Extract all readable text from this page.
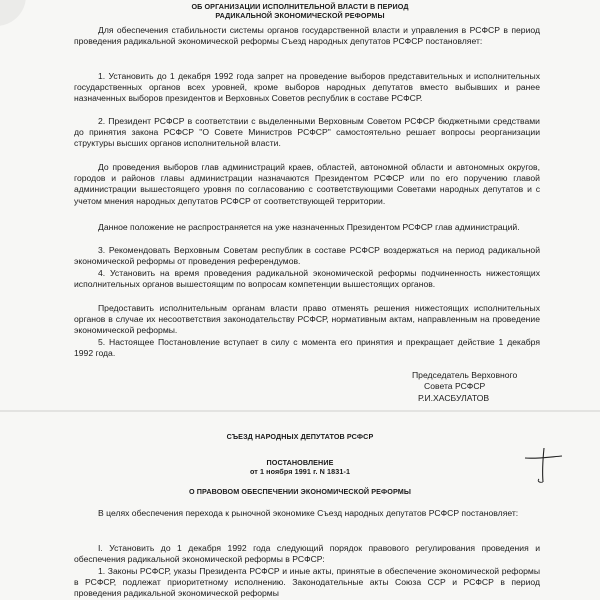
ОБ ОРГАНИЗАЦИИ ИСПОЛНИТЕЛЬНОЙ ВЛАСТИ В ПЕРИОД
РАДИКАЛЬНОЙ ЭКОНОМИЧЕСКОЙ РЕФОРМЫ

Для обеспечения стабильности системы органов государственной власти и управления в РСФСР в период проведения радикальной экономической реформы Съезд народных депутатов РСФСР постановляет:

1. Установить до 1 декабря 1992 года запрет на проведение выборов представительных и исполнительных государственных органов всех уровней, кроме выборов народных депутатов вместо выбывших и ранее назначенных выборов президентов и Верховных Советов республик в составе РСФСР.

2. Президент РСФСР в соответствии с выделенными Верховным Советом РСФСР бюджетными средствами до принятия закона РСФСР "О Совете Министров РСФСР" самостоятельно решает вопросы реорганизации структуры высших органов исполнительной власти.

До проведения выборов глав администраций краев, областей, автономной области и автономных округов, городов и районов главы администрации назначаются Президентом РСФСР или по его поручению главой администрации вышестоящего уровня по согласованию с соответствующими Советами народных депутатов и с учетом мнения народных депутатов РСФСР от соответствующей территории.

Данное положение не распространяется на уже назначенных Президентом РСФСР глав администраций.

3. Рекомендовать Верховным Советам республик в составе РСФСР воздержаться на период радикальной экономической реформы от проведения референдумов.

4. Установить на время проведения радикальной экономической реформы подчиненность нижестоящих исполнительных органов вышестоящим по вопросам компетенции вышестоящих органов.

Предоставить исполнительным органам власти право отменять решения нижестоящих исполнительных органов в случае их несоответствия законодательству РСФСР, нормативным актам, направленным на проведение экономической реформы.

5. Настоящее Постановление вступает в силу с момента его принятия и прекращает действие 1 декабря 1992 года.

Председатель Верховного
Совета РСФСР
Р.И.ХАСБУЛАТОВ
СЪЕЗД НАРОДНЫХ ДЕПУТАТОВ РСФСР
ПОСТАНОВЛЕНИЕ
от 1 ноября 1991 г. N 1831-1
О ПРАВОВОМ ОБЕСПЕЧЕНИИ ЭКОНОМИЧЕСКОЙ РЕФОРМЫ

В целях обеспечения перехода к рыночной экономике Съезд народных депутатов РСФСР постановляет:

I. Установить до 1 декабря 1992 года следующий порядок правового регулирования проведения и обеспечения радикальной экономической реформы в РСФСР:

1. Законы РСФСР, указы Президента РСФСР и иные акты, принятые в обеспечение экономической реформы в РСФСР, подлежат приоритетному исполнению. Законодательные акты Союза ССР и РСФСР в период проведения радикальной экономической реформы
